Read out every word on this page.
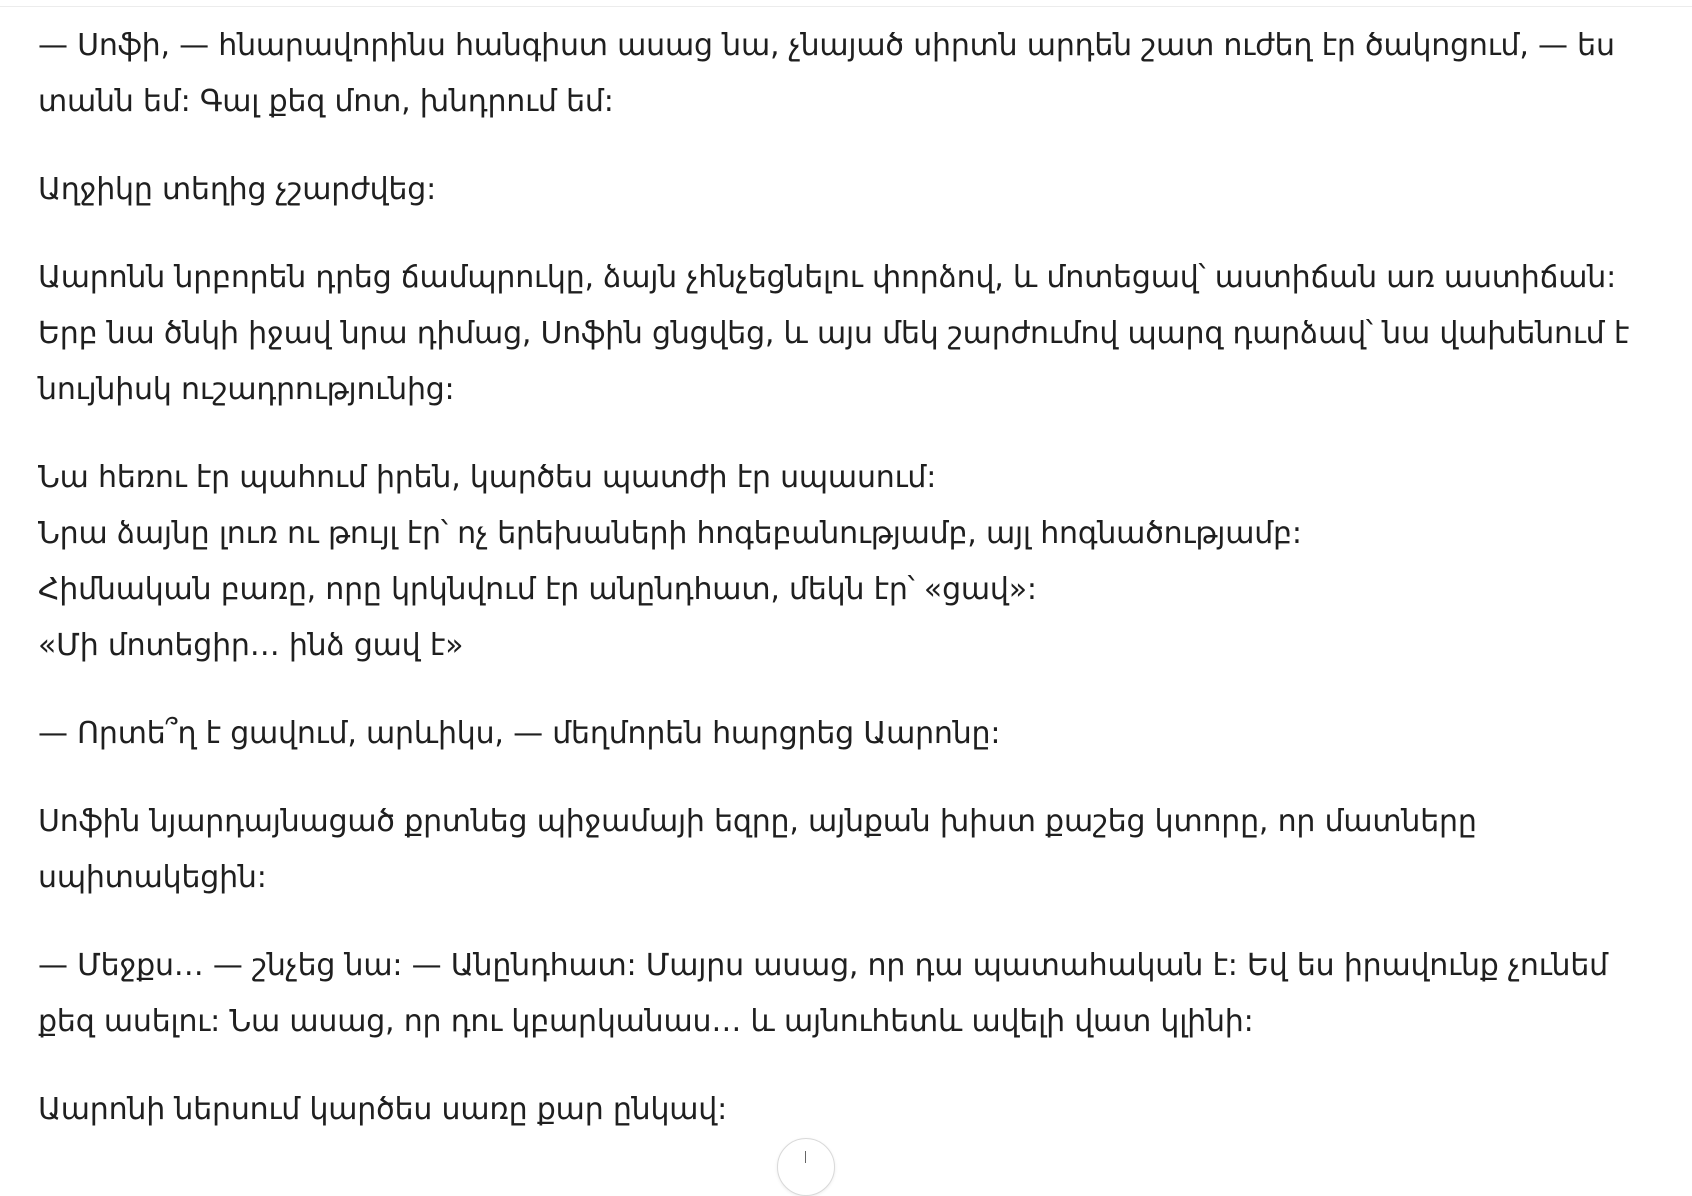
— Սոֆի, — հնարավորինս հանգիստ ասաց նա, չնայած սիրտն արդեն շատ ուժեղ էր ծակոցում, — ես
տանն եմ: Գալ քեզ մոտ, խնդրում եմ:

Աղջիկը տեղից չշարժվեց:

Աարոնն նրբորեն դրեց ճամպրուկը, ձայն չհնչեցնելու փորձով, և մոտեցավ՝ աստիճան առ աստիճան:
Երբ նա ծնկի իջավ նրա դիմաց, Սոֆին ցնցվեց, և այս մեկ շարժումով պարզ դարձավ՝ նա վախենում է
նույնիսկ ուշադրությունից:

Նա հեռու էր պահում իրեն, կարծես պատժի էր սպասում:
Նրա ձայնը լուռ ու թույլ էր՝ ոչ երեխաների հոգեբանությամբ, այլ հոգնածությամբ:
Հիմնական բառը, որը կրկնվում էր անընդհատ, մեկն էր՝ «ցավ»:
«Մի մոտեցիր… ինձ ցավ է»

— Որտե՞ղ է ցավում, արևիկս, — մեղմորեն հարցրեց Աարոնը:

Սոֆին նյարդայնացած քրտնեց պիջամայի եզրը, այնքան խիստ քաշեց կտորը, որ մատները
սպիտակեցին:

— Մեջքս… — շնչեց նա: — Անընդհատ: Մայրս ասաց, որ դա պատահական է: Եվ ես իրավունք չունեմ
քեզ ասելու: Նա ասաց, որ դու կբարկանաս… և այնուհետև ավելի վատ կլինի:

Աարոնի ներսում կարծես սառը քար ընկավ:
